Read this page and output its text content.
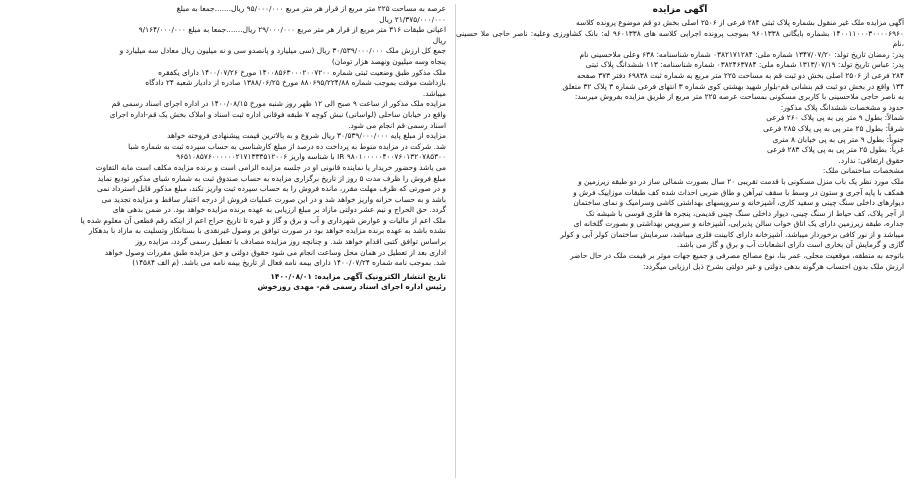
آگهی مزایده

آگهی مزایده ملک غیر منقول بشماره پلاک ثبتی ۲۸۴ فرعی از ۲۵۰۶ اصلی بخش دو قم موضوع پرونده کلاسه

۱۴۰۰۱۱۰۰۰۳۰۰۰۰۶۹۶۰ بشماره بایگانی ۹۶۰۱۳۳۸ بموجب پرونده اجرایی کلاسه های ۹۶۰۱۳۳۸ له: بانک کشاورزی وعلیه: ناصر حاجی ملا حسینی ،نام

پدر: رمضان تاریخ تولد: ۱۳۴۷/۰۷/۲۰ شماره ملی: ۰۳۸۲۱۷۱۲۸۴ شماره شناسنامه: ۶۳۸ وعلی ملاحسینی نام

پدر: عباس تاریخ تولد: ۱۳۱۳/۰۷/۱۹ شماره ملی: ۰۳۸۲۴۶۳۷۸۴ شماره شناسنامه: ۱۱۳ ششدانگ پلاک ثبتی

۲۸۴ فرعی از ۲۵۰۶ اصلی بخش دو ثبت قم به مساحت ۲۲۵ متر مربع به شماره ثبت ۶۹۸۳۸ دفتر ۳۷۳ صفحه

۱۳۴ واقع در بخش دو ثبت قم بنشانی قم-بلوار شهید بهشتی کوی شماره ۳ انتهای فرعی شماره ۳ پلاک ۳۲ متعلق

به ناصر حاجی ملاحسینی با کاربری مسکونی بمساحت عرصه ۲۲۵ متر مربع از طریق مزایده بفروش میرسد:

حدود و مشخصات ششدانگ پلاک مذکور:

شمالاً: بطول ۹ متر پی به پی پلاک ۲۶۰ فرعی

شرقاً: بطول ۲۵ متر پی به پی پلاک ۲۸۵ فرعی

جنوباً: بطول ۹ متر پی به پی خیابان ۸ متری

غرباً: بطول ۲۵ متر پی به پی پلاک ۲۸۳ فرعی

حقوق ارتفاقی: ندارد.

مشخصات ساختمانی ملک:

ملک مورد نظر یک باب منزل مسکونی با قدمت تقریبی ۲۰ سال بصورت شمالی ساز در دو طبقه زیرزمین و

همکف با پایه آجری و ستون در وسط با سقف تیرآهن و طاق ضربی احداث شده کف طبقات موزاییک فرش و

دیوارهای داخلی سنگ چینی و سفید کاری، آشپزخانه و سرویسهای بهداشتی کاشی وسرامیک و نمای ساختمان

از آجر پلاک، کف حیاط از سنگ چینی، دیوار داخلی سنگ چینی قدیمی، پنجره ها فلزی قوسی با شیشه تک

جداره، طبقه زیرزمین دارای یک اتاق خواب سالن پذیرایی، آشپزخانه و سرویس بهداشتی و بصورت گلخانه ای

میباشد و از نور کافی برخوردار میباشد، آشپزخانه دارای کابینت فلزی میباشد، سرمایش ساختمان کولر آبی و کولر

گازی و گرمایش آن بخاری است دارای انشعابات آب و برق و گاز می باشد.

باتوجه به منطقه، موقعیت محلی، عمر بنا، نوع مصالح مصرفی و جمیع جهات موثر بر قیمت ملک در حال حاضر

ارزش ملک بدون احتساب هرگونه بدهی دولتی و غیر دولتی بشرح ذیل ارزیابی میگردد:

عرصه به مساحت ۲۲۵ متر مربع از قرار هر متر مربع ۹۵/۰۰۰/۰۰۰ ریال.......جمعا به مبلغ

۲۱/۳۷۵/۰۰۰/۰۰۰ ریال

اعیانی طبقات ۳۱۶ متر مربع از قرار هر متر مربع ۲۹/۰۰۰/۰۰۰ ریال.......جمعا به مبلغ ۹/۱۶۴/۰۰۰/۰۰۰

ریال

جمع کل ارزش ملک ۳۰/۵۳۹/۰۰۰/۰۰۰ ریال (سی میلیارد و پانصدو سی و نه میلیون ریال معادل سه میلیارد و

پنجاه وسه میلیون ونهصد هزار تومان)

ملک مذکور طبق وضعیت ثبتی شماره ۱۴۰۰۸۵۶۳۰۰۰۲۰۰۷۲۰۰ مورخ ۱۴۰۰/۰۷/۲۶ دارای یکفقره

بازداشت موقت بموجب شماره ۸۸۰۶۹۵/۲۲۴/۸۸ مورخ ۱۳۸۸/۰۶/۲۵ صادره از دادیار شعبه ۲۴ دادگاه

میباشد.

مزایده ملک مذکور از ساعت ۹ صبح الی ۱۲ ظهر روز شنبه مورخ ۱۴۰۰/۰۸/۱۵ در اداره اجرای اسناد رسمی قم

واقع در خیابان ساحلی (لواسانی) نبش کوچه ۷ طبقه فوقانی اداره ثبت اسناد و املاک بخش یک قم-اداره اجرای

اسناد رسمی قم انجام می شود.

مزایده از مبلغ پایه ۳۰/۵۳۹/۰۰۰/۰۰۰ ریال شروع و به بالاترین قیمت پیشنهادی فروخته خواهد

شد. شرکت در مزایده منوط به پرداخت ده درصد از مبلغ کارشناسی به حساب سپرده ثبت به شماره شبا

IR ۹۸۰۱۰۰۰۰۰۴۰۰۷۶۰۱۳۲۰۷۸۵۳۰۰ با شناسه واریز ۹۶۵۱۰۸۵۷۶۰۰۰۰۰۰۲۱۷۱۳۳۳۵۱۲۰۰۶

می باشد وحضور خریدار یا نماینده قانونی او در جلسه مزایده الزامی است و برنده مزایده مکلف است مابه التفاوت

مبلغ فروش را ظرف مدت ۵ روز از تاریخ برگزاری مزایده به حساب صندوق ثبت به شماره شبای مذکور تودیع نماید

و در صورتی که ظرف مهلت مقرر، مانده فروش را به حساب سپرده ثبت واریز نکند، مبلغ مذکور قابل استرداد نمی

باشد و به حساب خزانه واریز خواهد شد و در این صورت عملیات فروش از درجه اعتبار ساقط و مزایده تجدید می

گردد. حق الحراج و نیم عشر دولتی مازاد بر مبلغ ارزیابی به عهده برنده مزایده خواهد بود. در ضمن بدهی های

ملک اعم از مالیات و عوارض شهرداری و آب و برق و گاز و غیره تا تاریخ حراج اعم از اینکه رقم قطعی آن معلوم شده یا

نشده باشد به عهده برنده مزایده خواهد بود در صورت توافق بر وصول غیرنقدی با بستانکار وتسلیت به مازاد با بدهکار

براساس توافق کتبی اقدام خواهد شد. و چنانچه روز مزایده مصادف با تعطیل رسمی گردد، مزایده روز

اداری بعد از تعطیل در همان محل وساعت انجام می شود حقوق دولتی و حق مزایده طبق مقررات وصول خواهد

شد. بموجب نامه شماره ۱۴۰۰/۰۷/۲۴ دارای بیمه نامه فعال از تاریخ بیمه نامه می باشد. (م الف ۱۴۵۸۴)

تاریخ انتشار الکترونیک آگهی مزایده: ۱۴۰۰/۰۸/۰۱

رئیس اداره اجرای اسناد رسمی قم- مهدی روزخوش
